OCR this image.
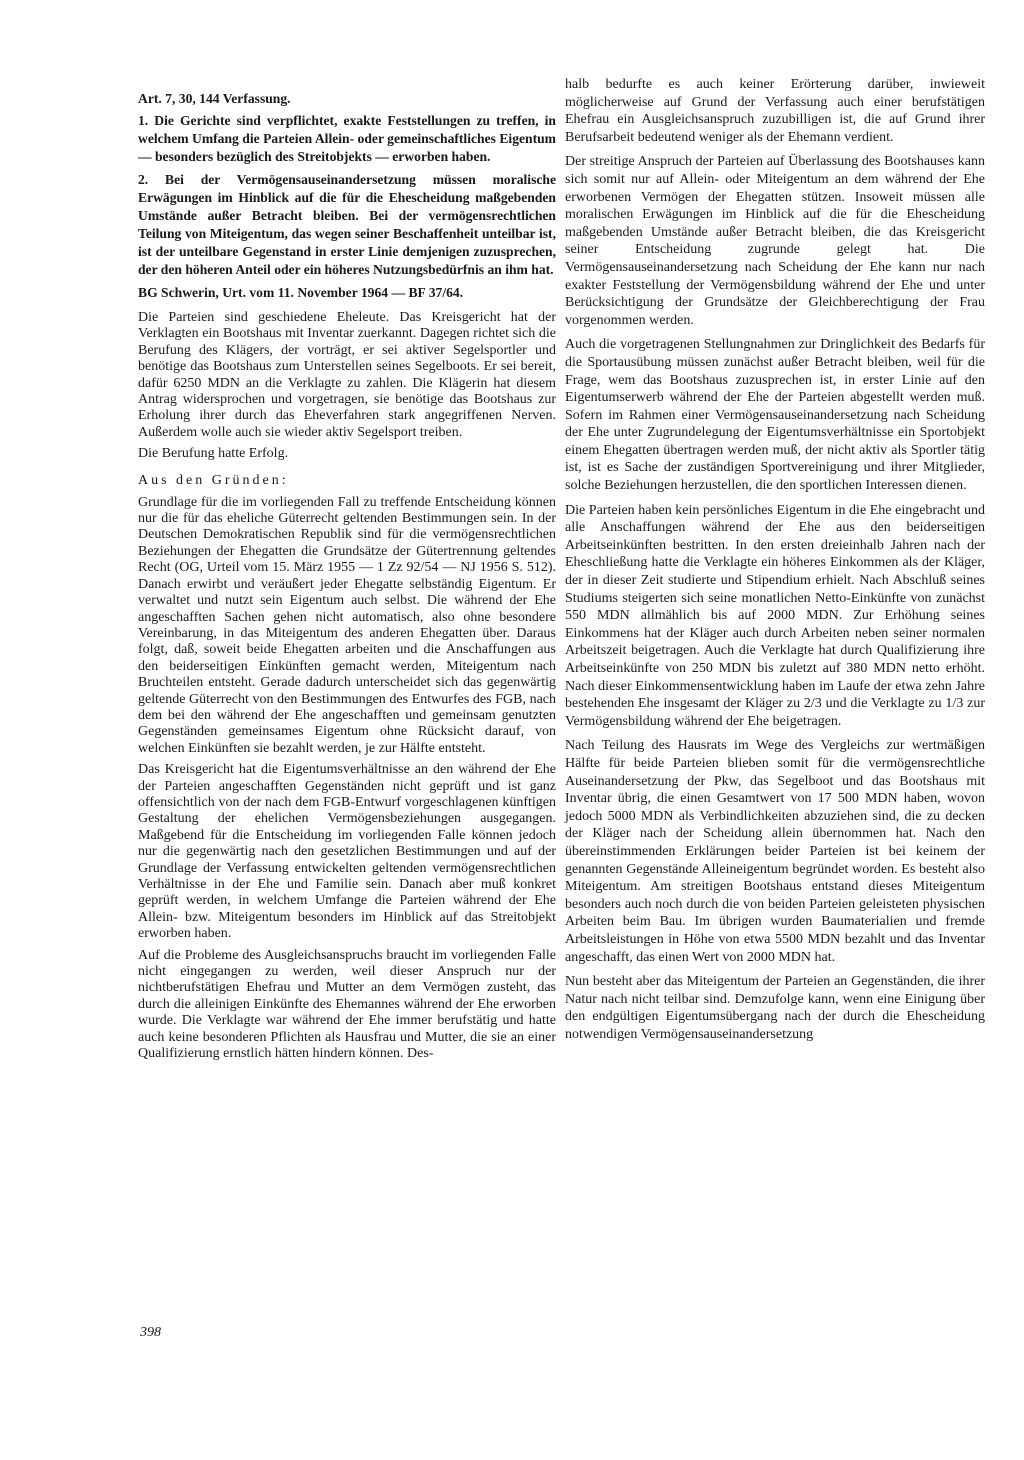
Art. 7, 30, 144 Verfassung.
1. Die Gerichte sind verpflichtet, exakte Feststellungen zu treffen, in welchem Umfang die Parteien Allein- oder gemeinschaftliches Eigentum — besonders bezüglich des Streitobjekts — erworben haben.
2. Bei der Vermögensauseinandersetzung müssen moralische Erwägungen im Hinblick auf die für die Ehescheidung maßgebenden Umstände außer Betracht bleiben. Bei der vermögensrechtlichen Teilung von Miteigentum, das wegen seiner Beschaffenheit unteilbar ist, ist der unteilbare Gegenstand in erster Linie demjenigen zuzusprechen, der den höheren Anteil oder ein höheres Nutzungsbedürfnis an ihm hat.
BG Schwerin, Urt. vom 11. November 1964 — BF 37/64.

Die Parteien sind geschiedene Eheleute. Das Kreisgericht hat der Verklagten ein Bootshaus mit Inventar zuerkannt. Dagegen richtet sich die Berufung des Klägers, der vorträgt, er sei aktiver Segelsportler und benötige das Bootshaus zum Unterstellen seines Segelboots. Er sei bereit, dafür 6250 MDN an die Verklagte zu zahlen. Die Klägerin hat diesem Antrag widersprochen und vorgetragen, sie benötige das Bootshaus zur Erholung ihrer durch das Eheverfahren stark angegriffenen Nerven. Außerdem wolle auch sie wieder aktiv Segelsport treiben.

Die Berufung hatte Erfolg.

Aus den Gründen:

Grundlage für die im vorliegenden Fall zu treffende Entscheidung können nur die für das eheliche Güterrecht geltenden Bestimmungen sein. In der Deutschen Demokratischen Republik sind für die vermögensrechtlichen Beziehungen der Ehegatten die Grundsätze der Gütertrennung geltendes Recht (OG, Urteil vom 15. März 1955 — 1 Zz 92/54 — NJ 1956 S. 512). Danach erwirbt und veräußert jeder Ehegatte selbständig Eigentum. Er verwaltet und nutzt sein Eigentum auch selbst. Die während der Ehe angeschafften Sachen gehen nicht automatisch, also ohne besondere Vereinbarung, in das Miteigentum des anderen Ehegatten über. Daraus folgt, daß, soweit beide Ehegatten arbeiten und die Anschaffungen aus den beiderseitigen Einkünften gemacht werden, Miteigentum nach Bruchteilen entsteht. Gerade dadurch unterscheidet sich das gegenwärtig geltende Güterrecht von den Bestimmungen des Entwurfes des FGB, nach dem bei den während der Ehe angeschafften und gemeinsam genutzten Gegenständen gemeinsames Eigentum ohne Rücksicht darauf, von welchen Einkünften sie bezahlt werden, je zur Hälfte entsteht.

Das Kreisgericht hat die Eigentumsverhältnisse an den während der Ehe der Parteien angeschafften Gegenständen nicht geprüft und ist ganz offensichtlich von der nach dem FGB-Entwurf vorgeschlagenen künftigen Gestaltung der ehelichen Vermögensbeziehungen ausgegangen. Maßgebend für die Entscheidung im vorliegenden Falle können jedoch nur die gegenwärtig nach den gesetzlichen Bestimmungen und auf der Grundlage der Verfassung entwickelten geltenden vermögensrechtlichen Verhältnisse in der Ehe und Familie sein. Danach aber muß konkret geprüft werden, in welchem Umfange die Parteien während der Ehe Allein- bzw. Miteigentum besonders im Hinblick auf das Streitobjekt erworben haben.

Auf die Probleme des Ausgleichsanspruchs braucht im vorliegenden Falle nicht eingegangen zu werden, weil dieser Anspruch nur der nichtberufstätigen Ehefrau und Mutter an dem Vermögen zusteht, das durch die alleinigen Einkünfte des Ehemannes während der Ehe erworben wurde. Die Verklagte war während der Ehe immer berufstätig und hatte auch keine besonderen Pflichten als Hausfrau und Mutter, die sie an einer Qualifizierung ernstlich hätten hindern können. Des-

halb bedurfte es auch keiner Erörterung darüber, inwieweit möglicherweise auf Grund der Verfassung auch einer berufstätigen Ehefrau ein Ausgleichsanspruch zuzubilligen ist, die auf Grund ihrer Berufsarbeit bedeutend weniger als der Ehemann verdient.

Der streitige Anspruch der Parteien auf Überlassung des Bootshauses kann sich somit nur auf Allein- oder Miteigentum an dem während der Ehe erworbenen Vermögen der Ehegatten stützen. Insoweit müssen alle moralischen Erwägungen im Hinblick auf die für die Ehescheidung maßgebenden Umstände außer Betracht bleiben, die das Kreisgericht seiner Entscheidung zugrunde gelegt hat. Die Vermögensauseinandersetzung nach Scheidung der Ehe kann nur nach exakter Feststellung der Vermögensbildung während der Ehe und unter Berücksichtigung der Grundsätze der Gleichberechtigung der Frau vorgenommen werden.

Auch die vorgetragenen Stellungnahmen zur Dringlichkeit des Bedarfs für die Sportausübung müssen zunächst außer Betracht bleiben, weil für die Frage, wem das Bootshaus zuzusprechen ist, in erster Linie auf den Eigentumserwerb während der Ehe der Parteien abgestellt werden muß. Sofern im Rahmen einer Vermögensauseinandersetzung nach Scheidung der Ehe unter Zugrundelegung der Eigentumsverhältnisse ein Sportobjekt einem Ehegatten übertragen werden muß, der nicht aktiv als Sportler tätig ist, ist es Sache der zuständigen Sportvereinigung und ihrer Mitglieder, solche Beziehungen herzustellen, die den sportlichen Interessen dienen.

Die Parteien haben kein persönliches Eigentum in die Ehe eingebracht und alle Anschaffungen während der Ehe aus den beiderseitigen Arbeitseinkünften bestritten. In den ersten dreieinhalb Jahren nach der Eheschließung hatte die Verklagte ein höheres Einkommen als der Kläger, der in dieser Zeit studierte und Stipendium erhielt. Nach Abschluß seines Studiums steigerten sich seine monatlichen Netto-Einkünfte von zunächst 550 MDN allmählich bis auf 2000 MDN. Zur Erhöhung seines Einkommens hat der Kläger auch durch Arbeiten neben seiner normalen Arbeitszeit beigetragen. Auch die Verklagte hat durch Qualifizierung ihre Arbeitseinkünfte von 250 MDN bis zuletzt auf 380 MDN netto erhöht. Nach dieser Einkommensentwicklung haben im Laufe der etwa zehn Jahre bestehenden Ehe insgesamt der Kläger zu 2/3 und die Verklagte zu 1/3 zur Vermögensbildung während der Ehe beigetragen.

Nach Teilung des Hausrats im Wege des Vergleichs zur wertmäßigen Hälfte für beide Parteien blieben somit für die vermögensrechtliche Auseinandersetzung der Pkw, das Segelboot und das Bootshaus mit Inventar übrig, die einen Gesamtwert von 17 500 MDN haben, wovon jedoch 5000 MDN als Verbindlichkeiten abzuziehen sind, die zu decken der Kläger nach der Scheidung allein übernommen hat. Nach den übereinstimmenden Erklärungen beider Parteien ist bei keinem der genannten Gegenstände Alleineigentum begründet worden. Es besteht also Miteigentum. Am streitigen Bootshaus entstand dieses Miteigentum besonders auch noch durch die von beiden Parteien geleisteten physischen Arbeiten beim Bau. Im übrigen wurden Baumaterialien und fremde Arbeitsleistungen in Höhe von etwa 5500 MDN bezahlt und das Inventar angeschafft, das einen Wert von 2000 MDN hat.

Nun besteht aber das Miteigentum der Parteien an Gegenständen, die ihrer Natur nach nicht teilbar sind. Demzufolge kann, wenn eine Einigung über den endgültigen Eigentumsübergang nach der durch die Ehescheidung notwendigen Vermögensauseinandersetzung

398
